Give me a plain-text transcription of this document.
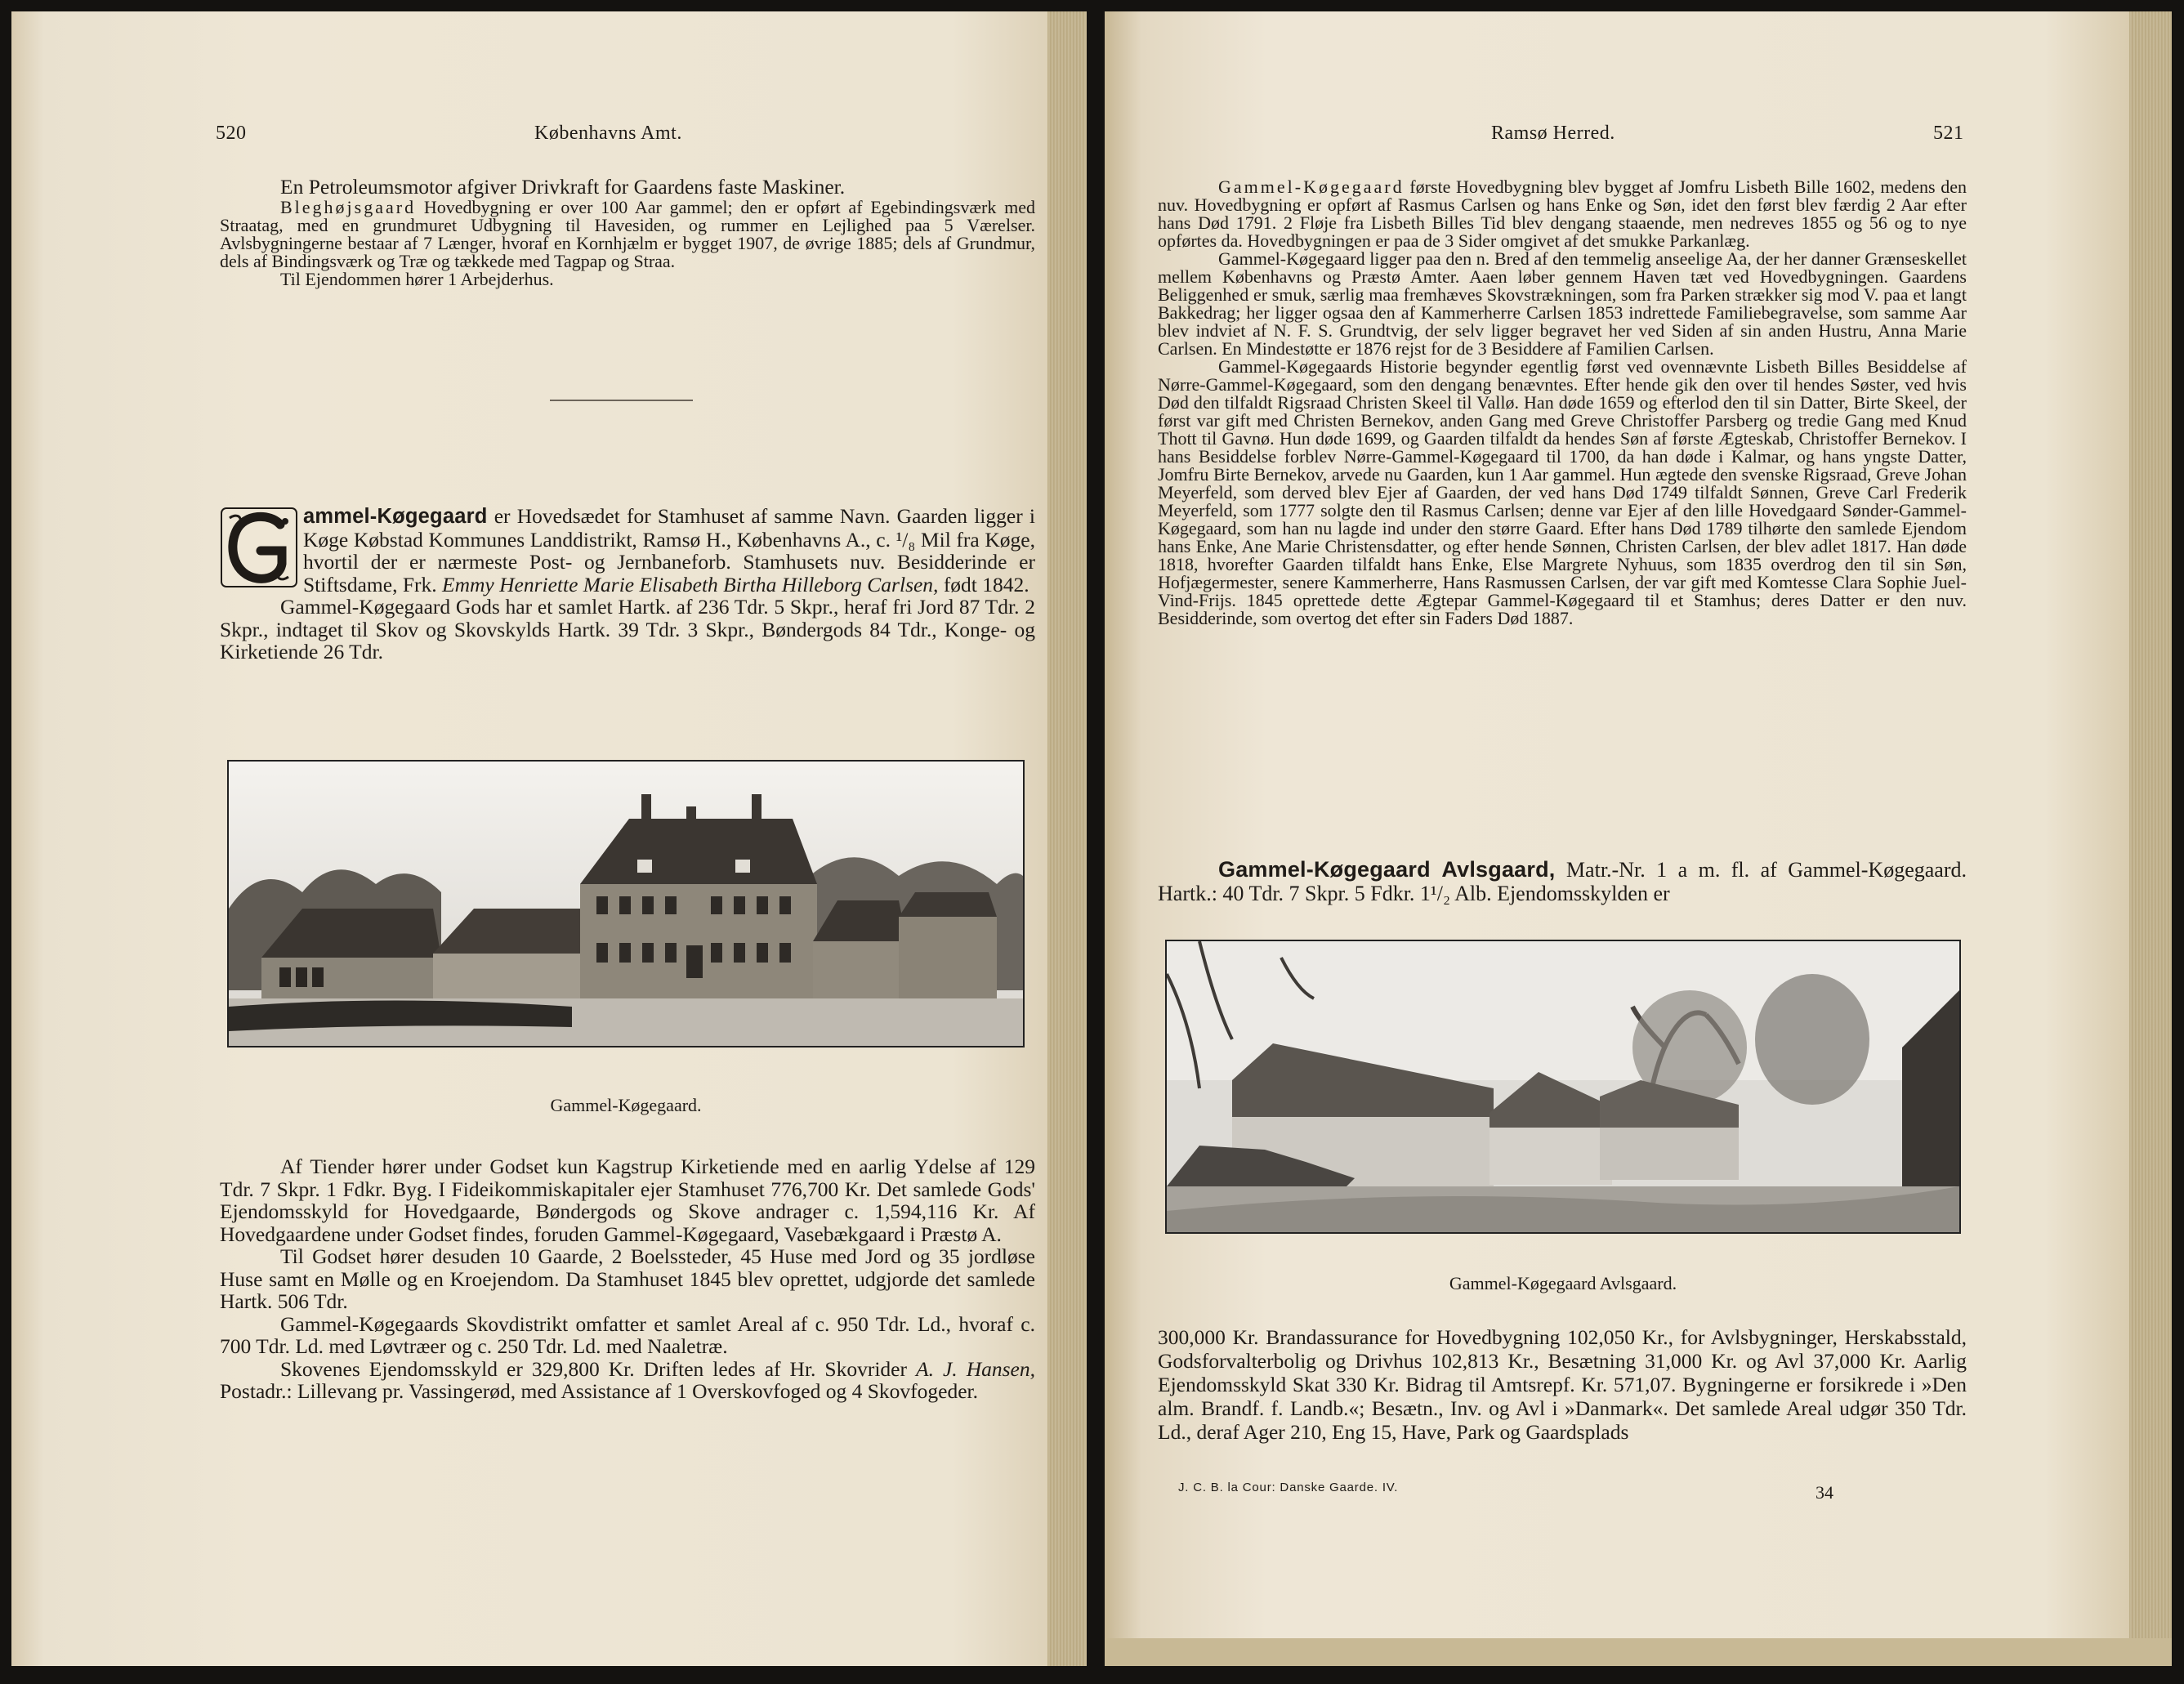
520	Københavns Amt.

En Petroleumsmotor afgiver Drivkraft for Gaardens faste Maskiner.

Bleghøjsgaard Hovedbygning er over 100 Aar gammel; den er opført af Egebindingsværk med Straatag, med en grundmuret Udbygning til Havesiden, og rummer en Lejlighed paa 5 Værelser. Avlsbygningerne bestaar af 7 Længer, hvoraf en Kornhjælm er bygget 1907, de øvrige 1885; dels af Grundmur, dels af Bindingsværk og Træ og tækkede med Tagpap og Straa.

Til Ejendommen hører 1 Arbejderhus.

G
ammel-Køgegaard er Hovedsædet for Stamhuset af samme Navn. Gaarden ligger i Køge Købstad Kommunes Landdistrikt, Ramsø H., Københavns A., c. ¹/₈ Mil fra Køge, hvortil der er nærmeste Post- og Jernbaneforb. Stamhusets nuv. Besidderinde er Stiftsdame, Frk. Emmy Henriette Marie Elisabeth Birtha Hilleborg Carlsen, født 1842.

Gammel-Køgegaard Gods har et samlet Hartk. af 236 Tdr. 5 Skpr., heraf fri Jord 87 Tdr. 2 Skpr., indtaget til Skov og Skovskylds Hartk. 39 Tdr. 3 Skpr., Bøndergods 84 Tdr., Konge- og Kirketiende 26 Tdr.

Gammel-Køgegaard.

Af Tiender hører under Godset kun Kagstrup Kirketiende med en aarlig Ydelse af 129 Tdr. 7 Skpr. 1 Fdkr. Byg. I Fideikommiskapitaler ejer Stamhuset 776,700 Kr. Det samlede Gods' Ejendomsskyld for Hovedgaarde, Bøndergods og Skove andrager c. 1,594,116 Kr. Af Hovedgaardene under Godset findes, foruden Gammel-Køgegaard, Vasebækgaard i Præstø A.

Til Godset hører desuden 10 Gaarde, 2 Boelssteder, 45 Huse med Jord og 35 jordløse Huse samt en Mølle og en Kroejendom. Da Stamhuset 1845 blev oprettet, udgjorde det samlede Hartk. 506 Tdr.

Gammel-Køgegaards Skovdistrikt omfatter et samlet Areal af c. 950 Tdr. Ld., hvoraf c. 700 Tdr. Ld. med Løvtræer og c. 250 Tdr. Ld. med Naaletræ.

Skovenes Ejendomsskyld er 329,800 Kr. Driften ledes af Hr. Skovrider A. J. Hansen, Postadr.: Lillevang pr. Vassingerød, med Assistance af 1 Overskovfoged og 4 Skovfogeder.

Ramsø Herred.	521

Gammel-Køgegaard første Hovedbygning blev bygget af Jomfru Lisbeth Bille 1602, medens den nuv. Hovedbygning er opført af Rasmus Carlsen og hans Enke og Søn, idet den først blev færdig 2 Aar efter hans Død 1791. 2 Fløje fra Lisbeth Billes Tid blev dengang staaende, men nedreves 1855 og 56 og to nye opførtes da. Hovedbygningen er paa de 3 Sider omgivet af det smukke Parkanlæg.

Gammel-Køgegaard ligger paa den n. Bred af den temmelig anseelige Aa, der her danner Grænseskellet mellem Københavns og Præstø Amter. Aaen løber gennem Haven tæt ved Hovedbygningen. Gaardens Beliggenhed er smuk, særlig maa fremhæves Skovstrækningen, som fra Parken strækker sig mod V. paa et langt Bakkedrag; her ligger ogsaa den af Kammerherre Carlsen 1853 indrettede Familiebegravelse, som samme Aar blev indviet af N. F. S. Grundtvig, der selv ligger begravet her ved Siden af sin anden Hustru, Anna Marie Carlsen. En Mindestøtte er 1876 rejst for de 3 Besiddere af Familien Carlsen.

Gammel-Køgegaards Historie begynder egentlig først ved ovennævnte Lisbeth Billes Besiddelse af Nørre-Gammel-Køgegaard, som den dengang benævntes. Efter hende gik den over til hendes Søster, ved hvis Død den tilfaldt Rigsraad Christen Skeel til Vallø. Han døde 1659 og efterlod den til sin Datter, Birte Skeel, der først var gift med Christen Bernekov, anden Gang med Greve Christoffer Parsberg og tredie Gang med Knud Thott til Gavnø. Hun døde 1699, og Gaarden tilfaldt da hendes Søn af første Ægteskab, Christoffer Bernekov. I hans Besiddelse forblev Nørre-Gammel-Køgegaard til 1700, da han døde i Kalmar, og hans yngste Datter, Jomfru Birte Bernekov, arvede nu Gaarden, kun 1 Aar gammel. Hun ægtede den svenske Rigsraad, Greve Johan Meyerfeld, som derved blev Ejer af Gaarden, der ved hans Død 1749 tilfaldt Sønnen, Greve Carl Frederik Meyerfeld, som 1777 solgte den til Rasmus Carlsen; denne var Ejer af den lille Hovedgaard Sønder-Gammel-Køgegaard, som han nu lagde ind under den større Gaard. Efter hans Død 1789 tilhørte den samlede Ejendom hans Enke, Ane Marie Christensdatter, og efter hende Sønnen, Christen Carlsen, der blev adlet 1817. Han døde 1818, hvorefter Gaarden tilfaldt hans Enke, Else Margrete Nyhuus, som 1835 overdrog den til sin Søn, Hofjægermester, senere Kammerherre, Hans Rasmussen Carlsen, der var gift med Komtesse Clara Sophie Juel-Vind-Frijs. 1845 oprettede dette Ægtepar Gammel-Køgegaard til et Stamhus; deres Datter er den nuv. Besidderinde, som overtog det efter sin Faders Død 1887.

Gammel-Køgegaard Avlsgaard, Matr.-Nr. 1 a m. fl. af Gammel-Køgegaard. Hartk.: 40 Tdr. 7 Skpr. 5 Fdkr. 1¹/₂ Alb. Ejendomsskylden er

Gammel-Køgegaard Avlsgaard.

300,000 Kr. Brandassurance for Hovedbygning 102,050 Kr., for Avlsbygninger, Herskabsstald, Godsforvalterbolig og Drivhus 102,813 Kr., Besætning 31,000 Kr. og Avl 37,000 Kr. Aarlig Ejendomsskyld Skat 330 Kr. Bidrag til Amtsrepf. Kr. 571,07. Bygningerne er forsikrede i »Den alm. Brandf. f. Landb.«; Besætn., Inv. og Avl i »Danmark«. Det samlede Areal udgør 350 Tdr. Ld., deraf Ager 210, Eng 15, Have, Park og Gaardsplads

J. C. B. la Cour: Danske Gaarde. IV.	34
